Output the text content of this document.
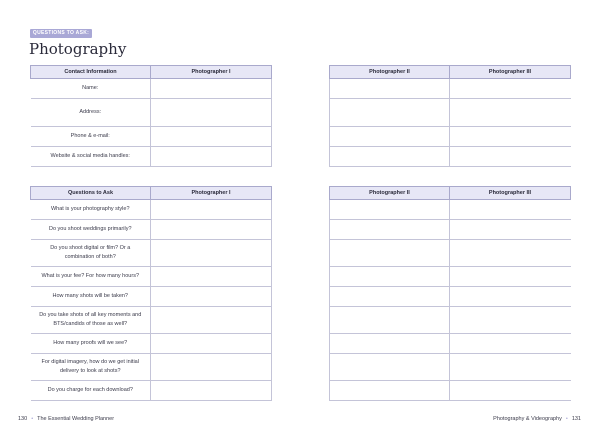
QUESTIONS TO ASK:
Photography
Contact Information	Photographer I
Name:	
Address:	
Phone & e-mail:	
Website & social media handles:	
Photographer II	Photographer III

Questions to Ask	Photographer I
What is your photography style?	
Do you shoot weddings primarily?	
Do you shoot digital or film? Or a combination of both?	
What is your fee? For how many hours?	
How many shots will be taken?	
Do you take shots of all key moments and BTS/candids of those as well?	
How many proofs will we see?	
For digital imagery, how do we get initial delivery to look at shots?	
Do you charge for each download?	
Photographer II	Photographer III

130 • The Essential Wedding Planner	Photography & Videography • 131
